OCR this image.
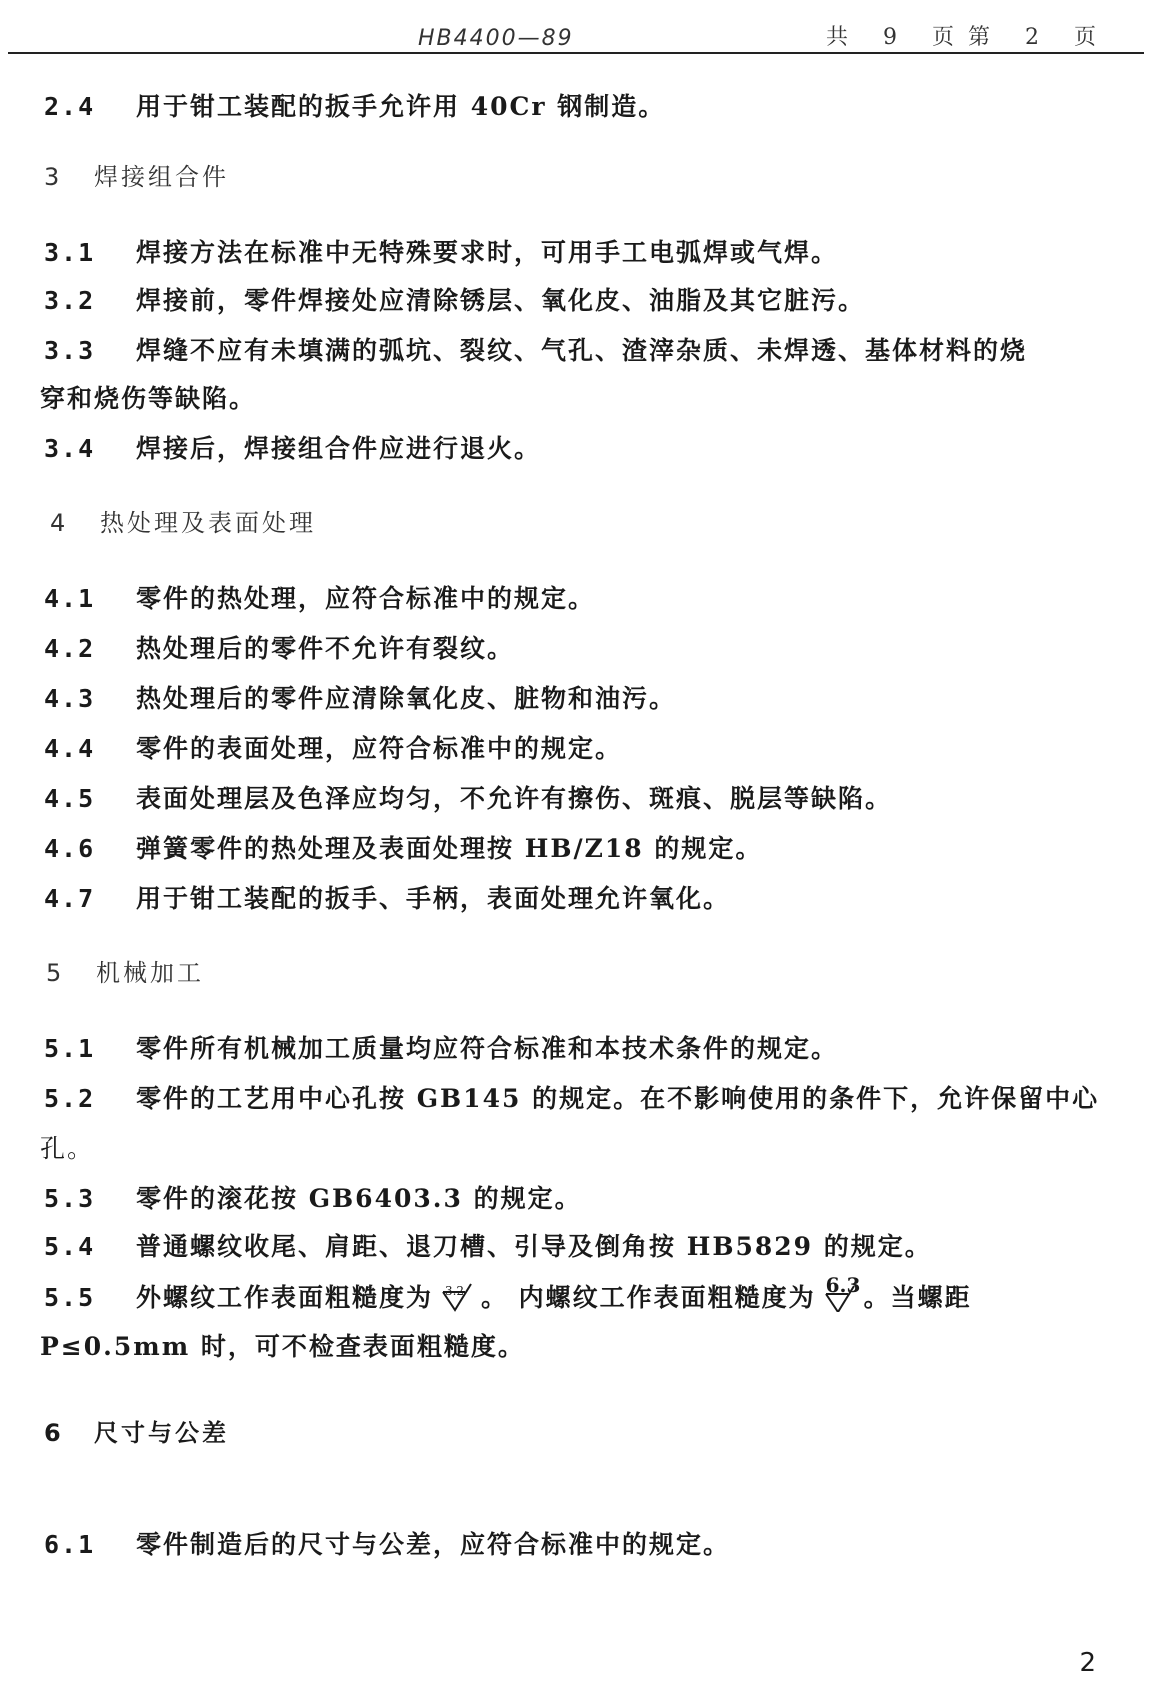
HB4400—89	共 9 页第 2 页
2.4 用于钳工装配的扳手允许用 40Cr 钢制造。
3 焊接组合件
3.1 焊接方法在标准中无特殊要求时，可用手工电弧焊或气焊。
3.2 焊接前，零件焊接处应清除锈层、氧化皮、油脂及其它脏污。
3.3 焊缝不应有未填满的弧坑、裂纹、气孔、渣滓杂质、未焊透、基体材料的烧
穿和烧伤等缺陷。
3.4 焊接后，焊接组合件应进行退火。
4 热处理及表面处理
4.1 零件的热处理，应符合标准中的规定。
4.2 热处理后的零件不允许有裂纹。
4.3 热处理后的零件应清除氧化皮、脏物和油污。
4.4 零件的表面处理，应符合标准中的规定。
4.5 表面处理层及色泽应均匀，不允许有擦伤、斑痕、脱层等缺陷。
4.6 弹簧零件的热处理及表面处理按 HB/Z18 的规定。
4.7 用于钳工装配的扳手、手柄，表面处理允许氧化。
5 机械加工
5.1 零件所有机械加工质量均应符合标准和本技术条件的规定。
5.2 零件的工艺用中心孔按 GB145 的规定。在不影响使用的条件下，允许保留中心
孔。
5.3 零件的滚花按 GB6403.3 的规定。
5.4 普通螺纹收尾、肩距、退刀槽、引导及倒角按 HB5829 的规定。
5.5 外螺纹工作表面粗糙度为 3.2 。 内螺纹工作表面粗糙度为 6.3 。当螺距
P≤0.5mm 时，可不检查表面粗糙度。
6 尺寸与公差
6.1 零件制造后的尺寸与公差，应符合标准中的规定。
2
